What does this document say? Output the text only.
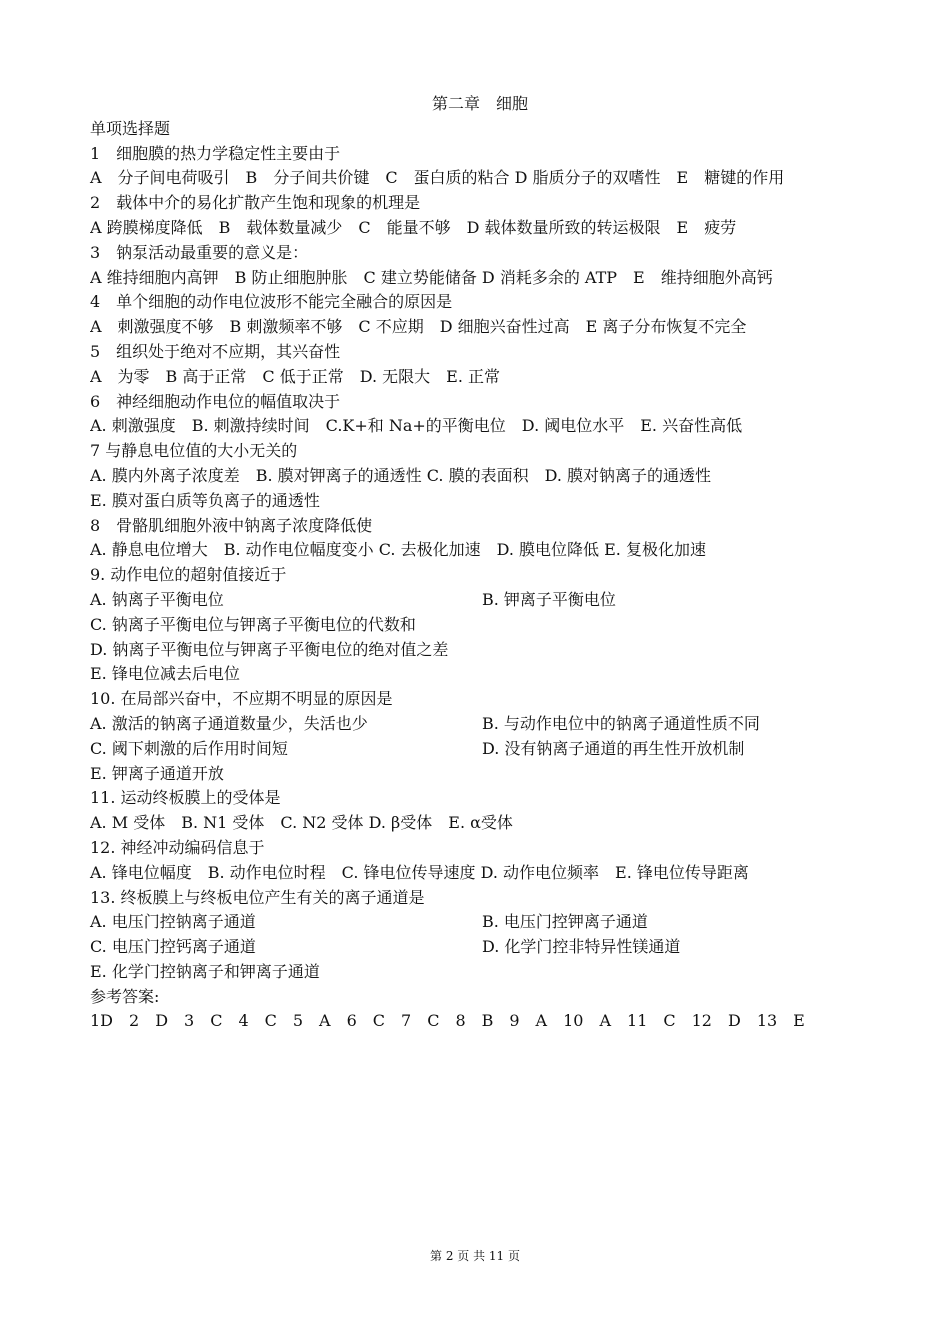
第二章　细胞
单项选择题
1　细胞膜的热力学稳定性主要由于
A　分子间电荷吸引　B　分子间共价键　C　蛋白质的粘合 D 脂质分子的双嗜性　E　糖键的作用
2　载体中介的易化扩散产生饱和现象的机理是
A 跨膜梯度降低　B　载体数量减少　C　能量不够　D 载体数量所致的转运极限　E　疲劳
3　钠泵活动最重要的意义是：
A 维持细胞内高钾　B 防止细胞肿胀　C 建立势能储备 D 消耗多余的 ATP　E　维持细胞外高钙
4　单个细胞的动作电位波形不能完全融合的原因是
A　刺激强度不够　B 刺激频率不够　C 不应期　D 细胞兴奋性过高　E 离子分布恢复不完全
5　组织处于绝对不应期，其兴奋性
A　为零　B 高于正常　C 低于正常　D. 无限大　E. 正常
6　神经细胞动作电位的幅值取决于
A. 刺激强度　B. 刺激持续时间　C.K+和 Na+的平衡电位　D. 阈电位水平　E. 兴奋性高低
7 与静息电位值的大小无关的
A. 膜内外离子浓度差　B. 膜对钾离子的通透性 C. 膜的表面积　D. 膜对钠离子的通透性
E. 膜对蛋白质等负离子的通透性
8　骨骼肌细胞外液中钠离子浓度降低使
A. 静息电位增大　B. 动作电位幅度变小 C. 去极化加速　D. 膜电位降低 E. 复极化加速
9. 动作电位的超射值接近于
A. 钠离子平衡电位	B. 钾离子平衡电位
C. 钠离子平衡电位与钾离子平衡电位的代数和
D. 钠离子平衡电位与钾离子平衡电位的绝对值之差
E. 锋电位减去后电位
10. 在局部兴奋中，不应期不明显的原因是
A. 激活的钠离子通道数量少，失活也少	B. 与动作电位中的钠离子通道性质不同
C. 阈下刺激的后作用时间短	D. 没有钠离子通道的再生性开放机制
E. 钾离子通道开放
11. 运动终板膜上的受体是
A. M 受体　B. N1 受体　C. N2 受体 D. β受体　E. α受体
12. 神经冲动编码信息于
A. 锋电位幅度　B. 动作电位时程　C. 锋电位传导速度 D. 动作电位频率　E. 锋电位传导距离
13. 终板膜上与终板电位产生有关的离子通道是
A. 电压门控钠离子通道	B. 电压门控钾离子通道
C. 电压门控钙离子通道	D. 化学门控非特异性镁通道
E. 化学门控钠离子和钾离子通道
参考答案:
1D　2　D　3　C　4　C　5　A　6　C　7　C　8　B　9　A　10　A　11　C　12　D　13　E
第 2 页 共 11 页
